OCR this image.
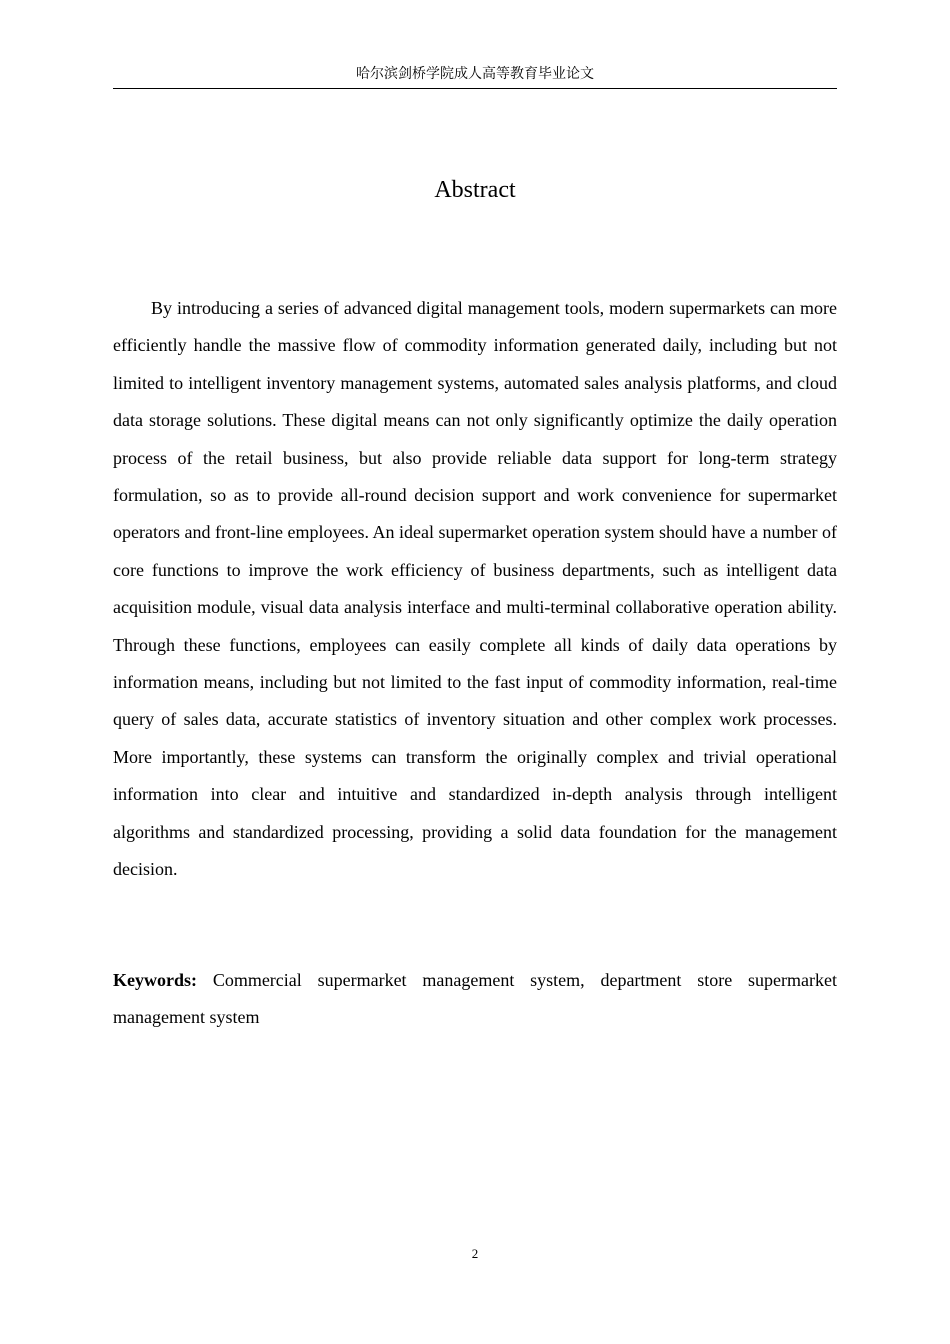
哈尔滨剑桥学院成人高等教育毕业论文
Abstract

By introducing a series of advanced digital management tools, modern supermarkets can more efficiently handle the massive flow of commodity information generated daily, including but not limited to intelligent inventory management systems, automated sales analysis platforms, and cloud data storage solutions. These digital means can not only significantly optimize the daily operation process of the retail business, but also provide reliable data support for long-term strategy formulation, so as to provide all-round decision support and work convenience for supermarket operators and front-line employees. An ideal supermarket operation system should have a number of core functions to improve the work efficiency of business departments, such as intelligent data acquisition module, visual data analysis interface and multi-terminal collaborative operation ability. Through these functions, employees can easily complete all kinds of daily data operations by information means, including but not limited to the fast input of commodity information, real-time query of sales data, accurate statistics of inventory situation and other complex work processes. More importantly, these systems can transform the originally complex and trivial operational information into clear and intuitive and standardized in-depth analysis through intelligent algorithms and standardized processing, providing a solid data foundation for the management decision.

Keywords: Commercial supermarket management system, department store supermarket management system

2
